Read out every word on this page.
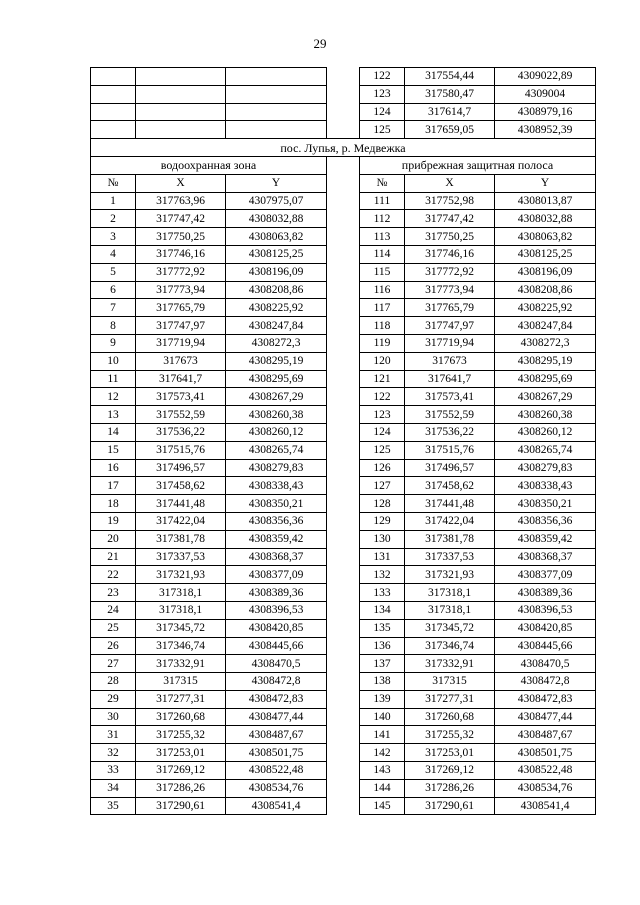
29
				122	317554,44	4309022,89
				123	317580,47	4309004
				124	317614,7	4308979,16
				125	317659,05	4308952,39
пос. Лупья, р. Медвежка						
водоохранная зона				прибрежная защитная полоса		
№	X	Y		№	X	Y
1	317763,96	4307975,07		111	317752,98	4308013,87
2	317747,42	4308032,88		112	317747,42	4308032,88
3	317750,25	4308063,82		113	317750,25	4308063,82
4	317746,16	4308125,25		114	317746,16	4308125,25
5	317772,92	4308196,09		115	317772,92	4308196,09
6	317773,94	4308208,86		116	317773,94	4308208,86
7	317765,79	4308225,92		117	317765,79	4308225,92
8	317747,97	4308247,84		118	317747,97	4308247,84
9	317719,94	4308272,3		119	317719,94	4308272,3
10	317673	4308295,19		120	317673	4308295,19
11	317641,7	4308295,69		121	317641,7	4308295,69
12	317573,41	4308267,29		122	317573,41	4308267,29
13	317552,59	4308260,38		123	317552,59	4308260,38
14	317536,22	4308260,12		124	317536,22	4308260,12
15	317515,76	4308265,74		125	317515,76	4308265,74
16	317496,57	4308279,83		126	317496,57	4308279,83
17	317458,62	4308338,43		127	317458,62	4308338,43
18	317441,48	4308350,21		128	317441,48	4308350,21
19	317422,04	4308356,36		129	317422,04	4308356,36
20	317381,78	4308359,42		130	317381,78	4308359,42
21	317337,53	4308368,37		131	317337,53	4308368,37
22	317321,93	4308377,09		132	317321,93	4308377,09
23	317318,1	4308389,36		133	317318,1	4308389,36
24	317318,1	4308396,53		134	317318,1	4308396,53
25	317345,72	4308420,85		135	317345,72	4308420,85
26	317346,74	4308445,66		136	317346,74	4308445,66
27	317332,91	4308470,5		137	317332,91	4308470,5
28	317315	4308472,8		138	317315	4308472,8
29	317277,31	4308472,83		139	317277,31	4308472,83
30	317260,68	4308477,44		140	317260,68	4308477,44
31	317255,32	4308487,67		141	317255,32	4308487,67
32	317253,01	4308501,75		142	317253,01	4308501,75
33	317269,12	4308522,48		143	317269,12	4308522,48
34	317286,26	4308534,76		144	317286,26	4308534,76
35	317290,61	4308541,4		145	317290,61	4308541,4
